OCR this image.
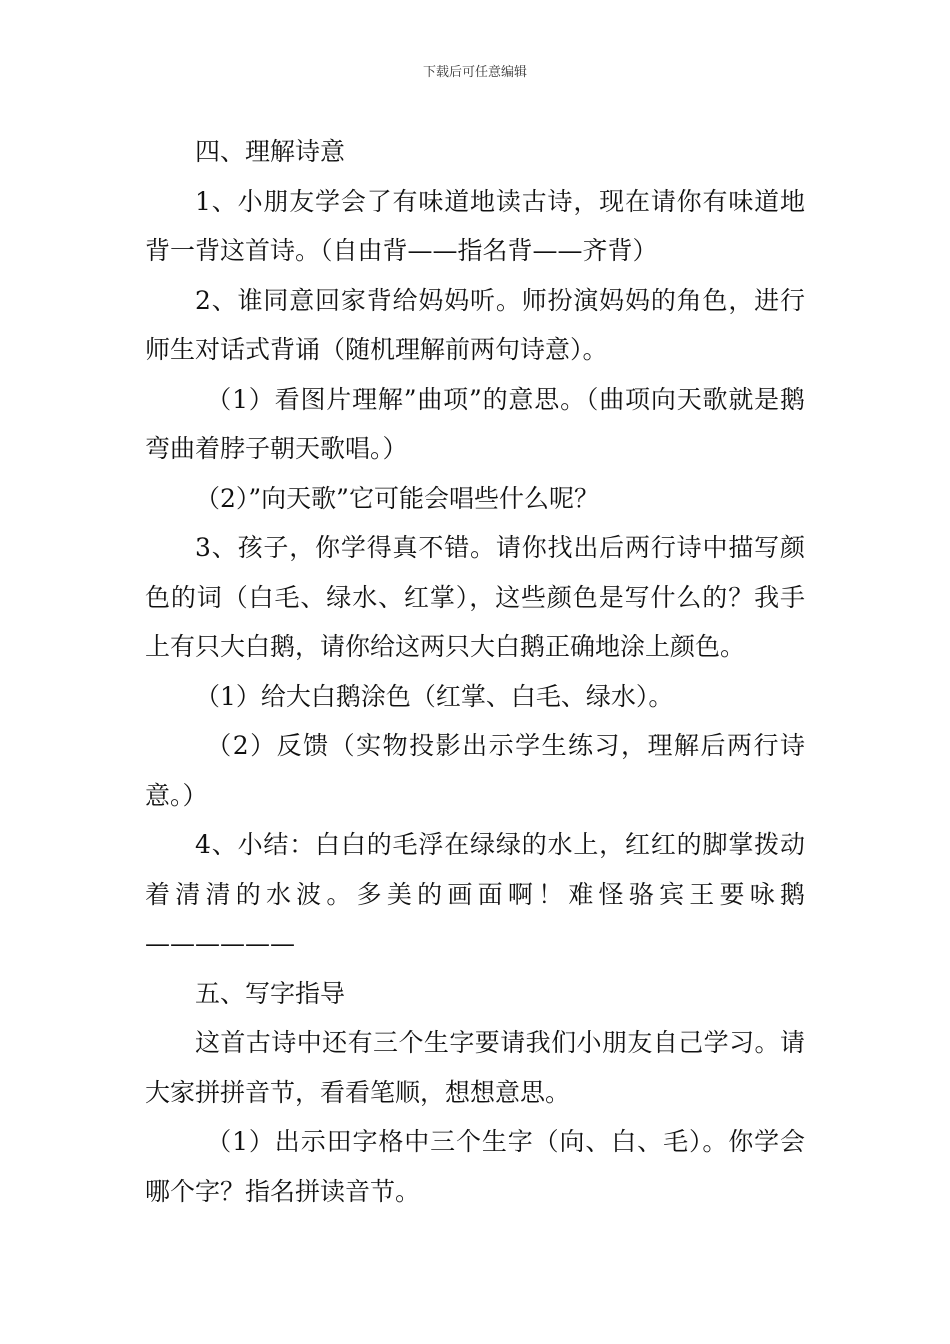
下载后可任意编辑

四、理解诗意

1、小朋友学会了有味道地读古诗，现在请你有味道地背一背这首诗。（自由背——指名背——齐背）

2、谁同意回家背给妈妈听。师扮演妈妈的角色，进行师生对话式背诵（随机理解前两句诗意）。

（1）看图片理解”曲项”的意思。（曲项向天歌就是鹅弯曲着脖子朝天歌唱。）

（2）”向天歌”它可能会唱些什么呢？

3、孩子，你学得真不错。请你找出后两行诗中描写颜色的词（白毛、绿水、红掌），这些颜色是写什么的？我手上有只大白鹅，请你给这两只大白鹅正确地涂上颜色。

（1）给大白鹅涂色（红掌、白毛、绿水）。

（2）反馈（实物投影出示学生练习，理解后两行诗意。）

4、小结：白白的毛浮在绿绿的水上，红红的脚掌拨动着清清的水波。多美的画面啊！难怪骆宾王要咏鹅——————

五、写字指导

这首古诗中还有三个生字要请我们小朋友自己学习。请大家拼拼音节，看看笔顺，想想意思。

（1）出示田字格中三个生字（向、白、毛）。你学会哪个字？指名拼读音节。
